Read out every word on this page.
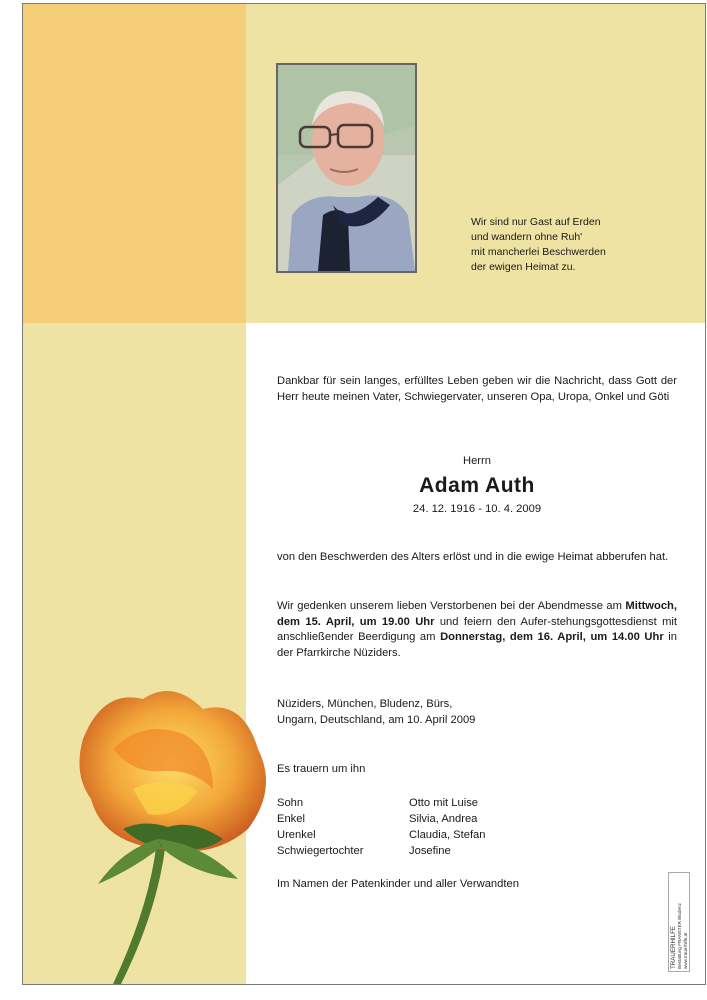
Wir sind nur Gast auf Erden
und wandern ohne Ruh'
mit mancherlei Beschwerden
der ewigen Heimat zu.
Dankbar für sein langes, erfülltes Leben geben wir die Nachricht, dass Gott der Herr heute meinen Vater, Schwiegervater, unseren Opa, Uropa, Onkel und Göti
Herrn
Adam Auth
24. 12. 1916 - 10. 4. 2009
von den Beschwerden des Alters erlöst und in die ewige Heimat abberufen hat.
Wir gedenken unserem lieben Verstorbenen bei der Abendmesse am Mittwoch, dem 15. April, um 19.00 Uhr und feiern den Aufer-stehungsgottesdienst mit anschließender Beerdigung am Donnerstag, dem 16. April, um 14.00 Uhr in der Pfarrkirche Nüziders.
Nüziders, München, Bludenz, Bürs,
Ungarn, Deutschland, am 10. April 2009
Es trauern um ihn
Sohn	Otto mit Luise
Enkel	Silvia, Andrea
Urenkel	Claudia, Stefan
Schwiegertochter	Josefine
Im Namen der Patenkinder und aller Verwandten
TRAUERHILFE Bestattung FRANSTER Bludenz www.trauerhilfe.at
